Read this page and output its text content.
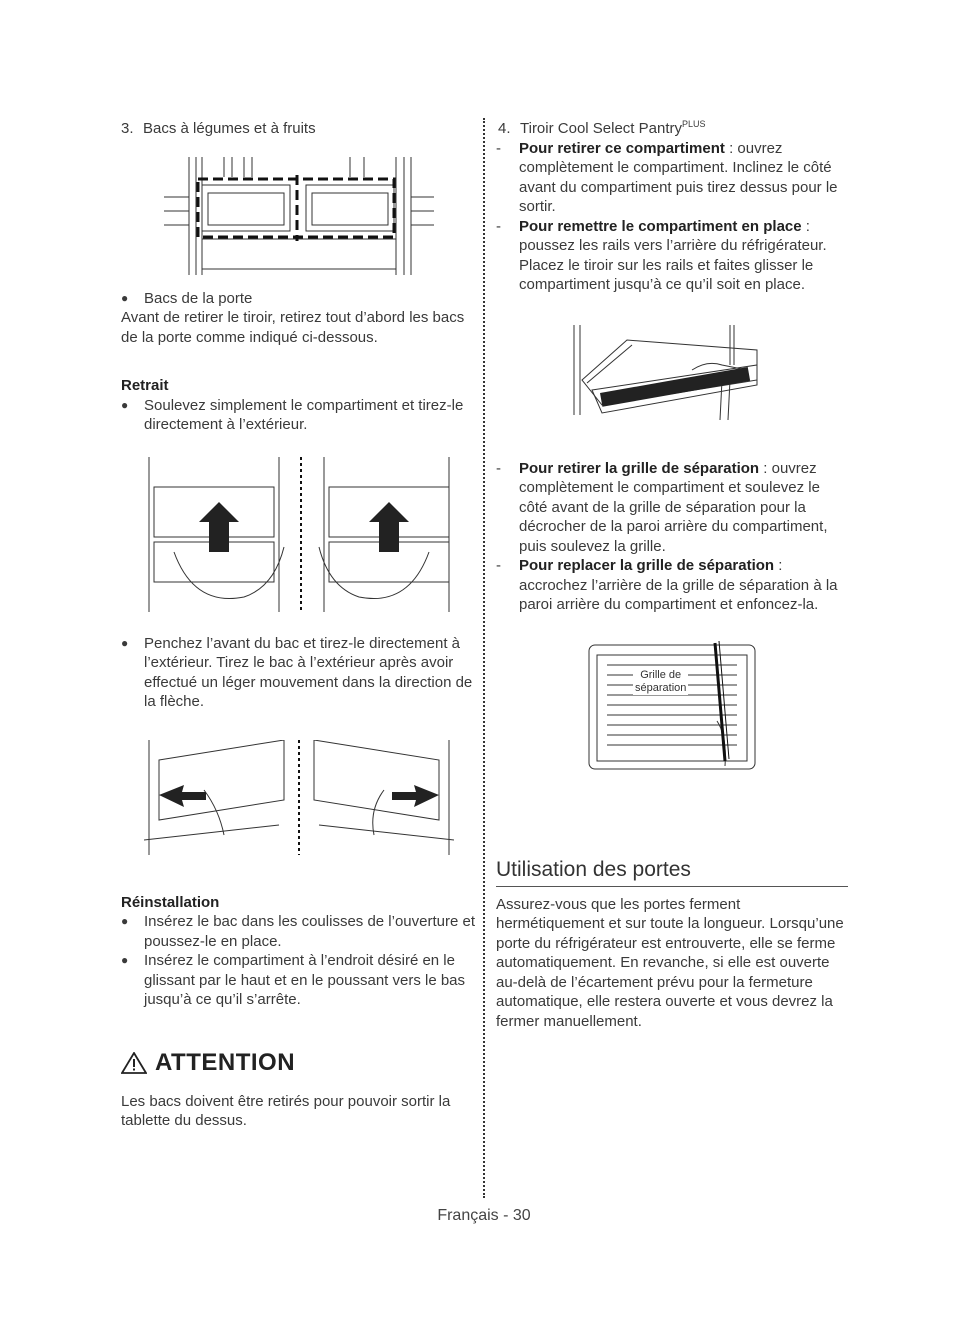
3. Bacs à légumes et à fruits
●	Bacs de la porte

Avant de retirer le tiroir, retirez tout d’abord les bacs de la porte comme indiqué ci-dessous.

Retrait

●	Soulevez simplement le compartiment et tirez-le directement à l’extérieur.
●	Penchez l’avant du bac et tirez-le directement à l’extérieur. Tirez le bac à l’extérieur après avoir effectué un léger mouvement dans la direction de la flèche.

Réinstallation

●	Insérez le bac dans les coulisses de l’ouverture et poussez-le en place.
●	Insérez le compartiment à l’endroit désiré en le glissant par le haut et en le poussant vers le bas jusqu’à ce qu’il s’arrête.
ATTENTION

Les bacs doivent être retirés pour pouvoir sortir la tablette du dessus.

4. Tiroir Cool Select Pantry$^{PLUS}$
-	Pour retirer ce compartiment : ouvrez complètement le compartiment. Inclinez le côté avant du compartiment puis tirez dessus pour le sortir.
-	Pour remettre le compartiment en place : poussez les rails vers l’arrière du réfrigérateur. Placez le tiroir sur les rails et faites glisser le compartiment jusqu’à ce qu’il soit en place.
-	Pour retirer la grille de séparation : ouvrez complètement le compartiment et soulevez le côté avant de la grille de séparation pour la décrocher de la paroi arrière du compartiment, puis soulevez la grille.
-	Pour replacer la grille de séparation : accrochez l’arrière de la grille de séparation à la paroi arrière du compartiment et enfoncez-la.
Grille de
séparation
Utilisation des portes

Assurez-vous que les portes ferment hermétiquement et sur toute la longueur. Lorsqu’une porte du réfrigérateur est entrouverte, elle se ferme automatiquement. En revanche, si elle est ouverte au-delà de l’écartement prévu pour la fermeture automatique, elle restera ouverte et vous devrez la fermer manuellement.

Français - 30
